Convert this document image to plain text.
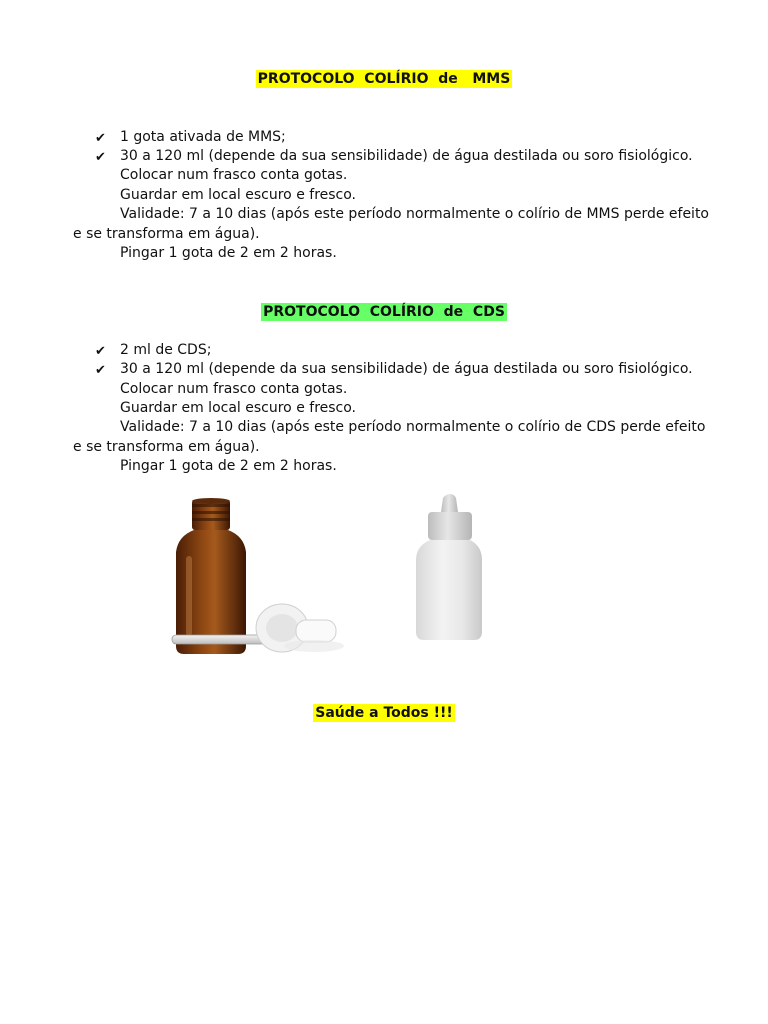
PROTOCOLO  COLÍRIO  de   MMS
✔ 1 gota ativada de MMS;
✔ 30 a 120 ml (depende da sua sensibilidade) de água destilada ou soro fisiológico.
Colocar num frasco conta gotas.
Guardar em local escuro e fresco.
Validade: 7 a 10 dias (após este período normalmente o colírio de MMS perde efeito
e se transforma em água).
Pingar 1 gota de 2 em 2 horas.
PROTOCOLO  COLÍRIO  de  CDS
✔ 2 ml de CDS;
✔ 30 a 120 ml (depende da sua sensibilidade) de água destilada ou soro fisiológico.
Colocar num frasco conta gotas.
Guardar em local escuro e fresco.
Validade: 7 a 10 dias (após este período normalmente o colírio de CDS perde efeito
e se transforma em água).
Pingar 1 gota de 2 em 2 horas.
Saúde a Todos !!!
